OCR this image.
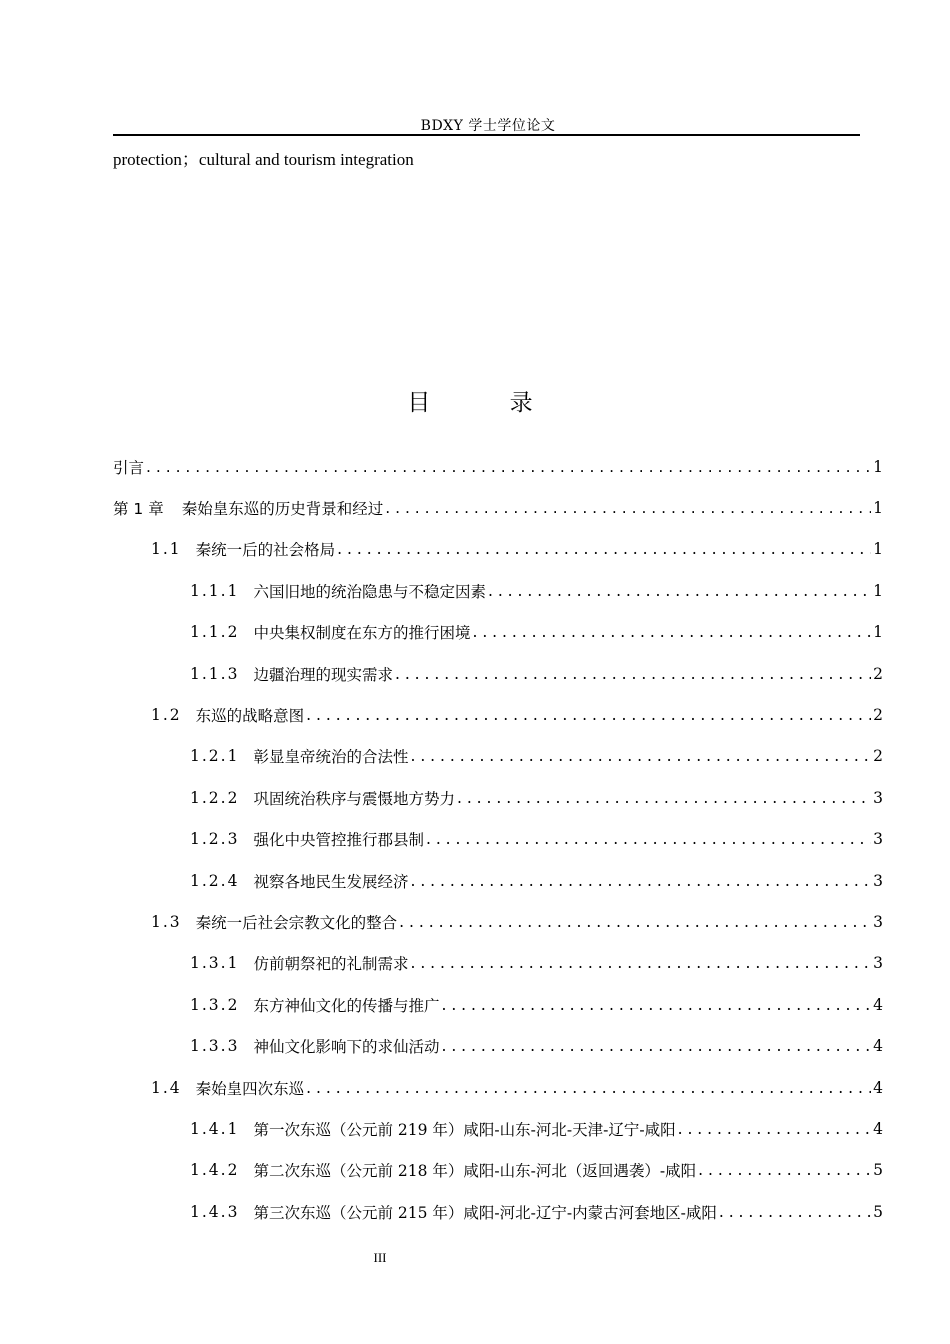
BDXY 学士学位论文
protection；cultural and tourism integration
目 录
引言 . . .	1
第 1 章 秦始皇东巡的历史背景和经过 . . .	1
1.1 秦统一后的社会格局 . . .	1
1.1.1 六国旧地的统治隐患与不稳定因素 . . .	1
1.1.2 中央集权制度在东方的推行困境 . . .	1
1.1.3 边疆治理的现实需求 . . .	2
1.2 东巡的战略意图 . . .	2
1.2.1 彰显皇帝统治的合法性 . . .	2
1.2.2 巩固统治秩序与震慑地方势力 . . .	3
1.2.3 强化中央管控推行郡县制 . . .	3
1.2.4 视察各地民生发展经济 . . .	3
1.3 秦统一后社会宗教文化的整合 . . .	3
1.3.1 仿前朝祭祀的礼制需求 . . .	3
1.3.2 东方神仙文化的传播与推广 . . .	4
1.3.3 神仙文化影响下的求仙活动 . . .	4
1.4 秦始皇四次东巡 . . .	4
1.4.1 第一次东巡（公元前 219 年）咸阳-山东-河北-天津-辽宁-咸阳 . . .	4
1.4.2 第二次东巡（公元前 218 年）咸阳-山东-河北（返回遇袭）-咸阳 . . .	5
1.4.3 第三次东巡（公元前 215 年）咸阳-河北-辽宁-内蒙古河套地区-咸阳 . . .	5
III
